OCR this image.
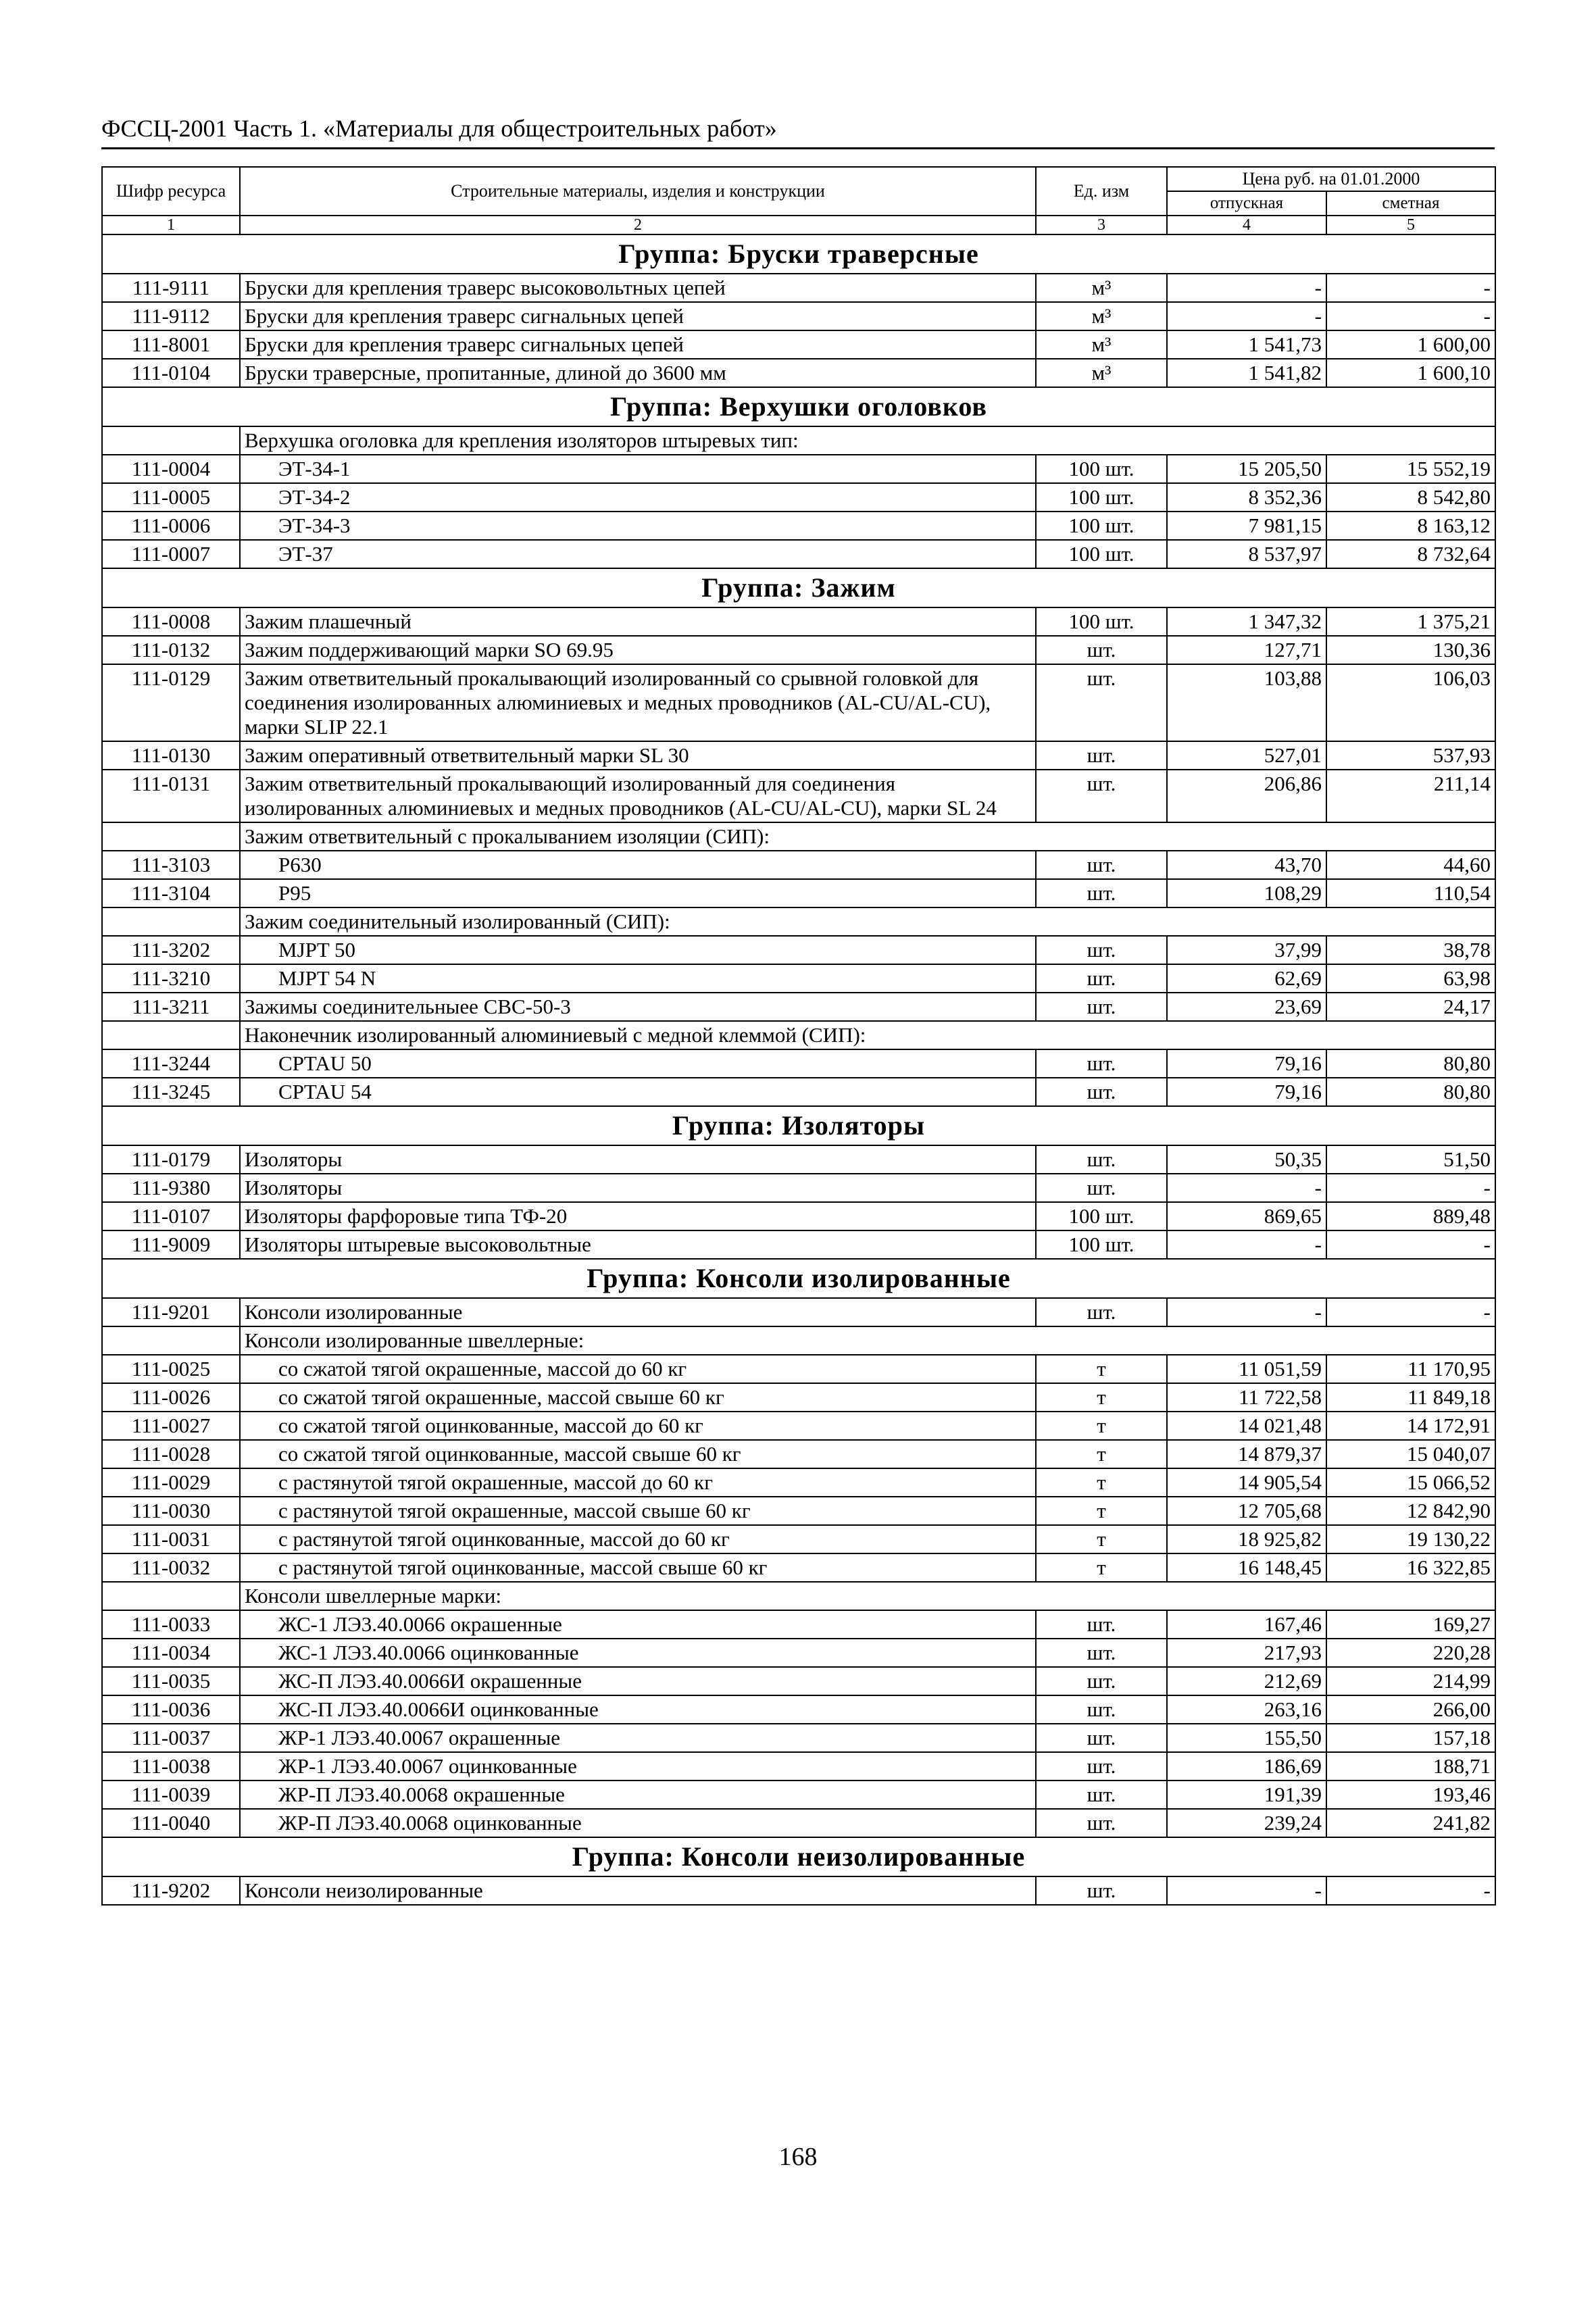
ФССЦ-2001 Часть 1. «Материалы для общестроительных работ»
Шифр ресурса	Строительные материалы, изделия и конструкции	Ед. изм	Цена руб. на 01.01.2000	
			отпускная	сметная
1	2	3	4	5
Группа: Бруски траверсные				
111-9111	Бруски для крепления траверс высоковольтных цепей	м³	-	-
111-9112	Бруски для крепления траверс сигнальных цепей	м³	-	-
111-8001	Бруски для крепления траверс сигнальных цепей	м³	1 541,73	1 600,00
111-0104	Бруски траверсные, пропитанные, длиной до 3600 мм	м³	1 541,82	1 600,10
Группа: Верхушки оголовков				
	Верхушка оголовка для крепления изоляторов штыревых тип:			
111-0004	ЭТ-34-1	100 шт.	15 205,50	15 552,19
111-0005	ЭТ-34-2	100 шт.	8 352,36	8 542,80
111-0006	ЭТ-34-3	100 шт.	7 981,15	8 163,12
111-0007	ЭТ-37	100 шт.	8 537,97	8 732,64
Группа: Зажим				
111-0008	Зажим плашечный	100 шт.	1 347,32	1 375,21
111-0132	Зажим поддерживающий марки SO 69.95	шт.	127,71	130,36
111-0129	Зажим ответвительный прокалывающий изолированный со срывной головкой для соединения изолированных алюминиевых и медных проводников (AL-CU/AL-CU), марки SLIP 22.1	шт.	103,88	106,03
111-0130	Зажим оперативный ответвительный марки SL 30	шт.	527,01	537,93
111-0131	Зажим ответвительный прокалывающий изолированный для соединения изолированных алюминиевых и медных проводников (AL-CU/AL-CU), марки SL 24	шт.	206,86	211,14
	Зажим ответвительный с прокалыванием изоляции (СИП):			
111-3103	Р630	шт.	43,70	44,60
111-3104	Р95	шт.	108,29	110,54
	Зажим соединительный изолированный (СИП):			
111-3202	MJPT 50	шт.	37,99	38,78
111-3210	MJPT 54 N	шт.	62,69	63,98
111-3211	Зажимы соединительныее CBC-50-3	шт.	23,69	24,17
	Наконечник изолированный алюминиевый с медной клеммой (СИП):			
111-3244	CPTAU 50	шт.	79,16	80,80
111-3245	CPTAU 54	шт.	79,16	80,80
Группа: Изоляторы				
111-0179	Изоляторы	шт.	50,35	51,50
111-9380	Изоляторы	шт.	-	-
111-0107	Изоляторы фарфоровые типа ТФ-20	100 шт.	869,65	889,48
111-9009	Изоляторы штыревые высоковольтные	100 шт.	-	-
Группа: Консоли изолированные				
111-9201	Консоли изолированные	шт.	-	-
	Консоли изолированные швеллерные:			
111-0025	со сжатой тягой окрашенные, массой до 60 кг	т	11 051,59	11 170,95
111-0026	со сжатой тягой окрашенные, массой свыше 60 кг	т	11 722,58	11 849,18
111-0027	со сжатой тягой оцинкованные, массой до 60 кг	т	14 021,48	14 172,91
111-0028	со сжатой тягой оцинкованные, массой свыше 60 кг	т	14 879,37	15 040,07
111-0029	с растянутой тягой окрашенные, массой до 60 кг	т	14 905,54	15 066,52
111-0030	с растянутой тягой окрашенные, массой свыше 60 кг	т	12 705,68	12 842,90
111-0031	с растянутой тягой оцинкованные, массой до 60 кг	т	18 925,82	19 130,22
111-0032	с растянутой тягой оцинкованные, массой свыше 60 кг	т	16 148,45	16 322,85
	Консоли швеллерные марки:			
111-0033	ЖС-1 ЛЭ3.40.0066 окрашенные	шт.	167,46	169,27
111-0034	ЖС-1 ЛЭ3.40.0066 оцинкованные	шт.	217,93	220,28
111-0035	ЖС-П ЛЭ3.40.0066И окрашенные	шт.	212,69	214,99
111-0036	ЖС-П ЛЭ3.40.0066И оцинкованные	шт.	263,16	266,00
111-0037	ЖР-1 ЛЭ3.40.0067 окрашенные	шт.	155,50	157,18
111-0038	ЖР-1 ЛЭ3.40.0067 оцинкованные	шт.	186,69	188,71
111-0039	ЖР-П ЛЭ3.40.0068 окрашенные	шт.	191,39	193,46
111-0040	ЖР-П ЛЭ3.40.0068 оцинкованные	шт.	239,24	241,82
Группа: Консоли неизолированные				
111-9202	Консоли неизолированные	шт.	-	-
168
